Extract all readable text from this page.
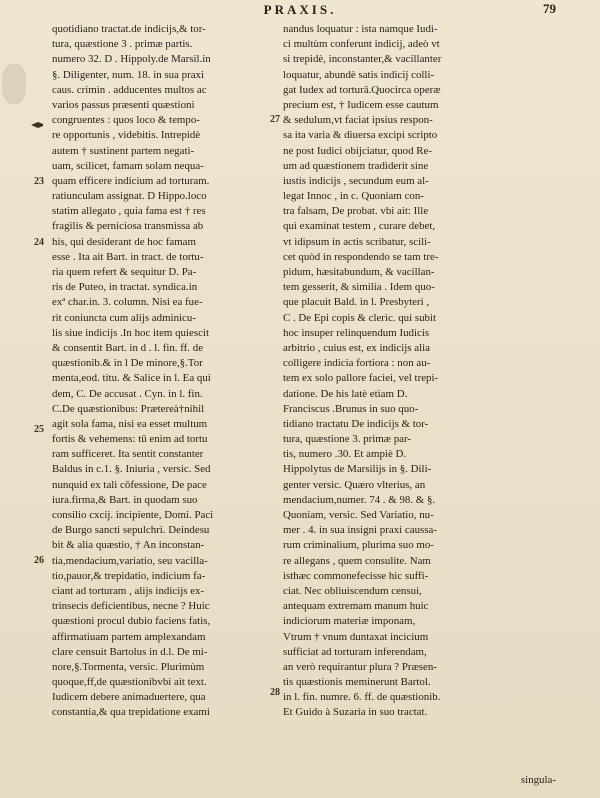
PRAXIS.	79
23
24
25
26
27
28
quotidiano tractat.de indicijs,& tor-
tura, quæstione 3 . primæ partis.
numero 32. D . Hippoly.de Marsil.in
§. Diligenter, num. 18. in sua praxi
caus. crimin . adducentes multos ac
varios passus præsenti quæstioni
congruentes : quos loco & tempo-
re opportunis , videbitis. Intrepidè
autem † sustinent partem negati-
uam, scilicet, famam solam nequa-
quam efficere indicium ad torturam.
ratiunculam assignat. D Hippo.loco
statim allegato , quia fama est † res
fragilis & perniciosa transmissa ab
his, qui desiderant de hoc famam
esse . Ita ait Bart. in tract. de tortu-
ria quem refert & sequitur D. Pa-
ris de Puteo, in tractat. syndica.in
exª char.in. 3. column. Nisi ea fue-
rit coniuncta cum alijs adminicu-
lis siue indicijs .In hoc item quiescit
& consentit Bart. in d . l. fin. ff. de
quæstionib.& in l De minore,§.Tor
menta,eod. titu. & Salice in l. Ea qui
dem, C. De accusat . Cyn. in l. fin.
C.De quæstionibus: Prætereà†nihil
agit sola fama, nisi ea esset multum
fortis & vehemens: tū enim ad tortu
ram sufficeret. Ita sentit constanter
Baldus in c.1. §. Iniuria , versic. Sed
nunquid ex tali cōfessione, De pace
iura.firma,& Bart. in quodam suo
consilio cxcij. incipiente, Domi. Paci
de Burgo sancti sepulchri. Deindesu
bit & alia quæstio, † An inconstan-
tia,mendacium,variatio, seu vacilla-
tio,pauor,& trepidatio, indicium fa-
ciant ad torturam , alijs indicijs ex-
trinsecis deficientibus, necne ? Huic
quæstioni procul dubio faciens fatis,
affirmatiuam partem amplexandam
clare censuit Bartolus in d.l. De mi-
nore,§.Tormenta, versic. Plurimùm
quoque,ff,de quæstionibvbi ait text.
Iudicem debere animaduertere, qua
constantia,& qua trepidatione exami
nandus loquatur : ista namque Iudi-
ci multùm conferunt indicij, adeò vt
si trepidè, inconstanter,& vacillanter
loquatur, abundè satis indicij colli-
gat Iudex ad torturā.Quocirca operæ
precium est, † Iudicem esse cautum
& sedulum,vt faciat ipsius respon-
sa ita varia & diuersa excipi scripto
ne post Iudici obijciatur, quod Re-
um ad quæstionem tradiderit sine
iustis indicijs , secundum eum al-
legat Innoc , in c. Quoniam con-
tra falsam, De probat. vbi ait: Ille
qui examinat testem , curare debet,
vt idipsum in actis scribatur, scili-
cet quòd in respondendo se tam tre-
pidum, hæsitabundum, & vacillan-
tem gesserit, & similia . Idem quo-
que placuit Bald. in l. Presbyteri ,
C . De Epi copis & cleric. qui subit
hoc insuper relinquendum Iudicis
arbitrio , cuius est, ex indicijs alia
colligere indicia fortiora : non au-
tem ex solo pallore faciei, vel trepi-
datione. De his latè etiam D.
Franciscus .Brunus in suo quo-
tidiano tractatu De indicijs & tor-
tura, quæstione 3. primæ par-
tis, numero .30. Et ampiè D.
Hippolytus de Marsilijs in §. Dili-
genter versic. Quæro vlterius, an
mendacium,numer. 74 . & 98. & §.
Quoniam, versic. Sed Variatio, nu-
mer . 4. in sua insigni praxi caussa-
rum criminalium, plurima suo mo-
re allegans , quem consulite. Nam
isthæc commonefecisse hic suffi-
ciat. Nec obliuiscendum censui,
antequam extremam manum huic
indiciorum materiæ imponam,
Vtrum † vnum duntaxat incicium
sufficiat ad torturam inferendam,
an verò requirantur plura ? Præsen-
tis quæstionis meminerunt Bartol.
in l. fin. numre. 6. ff. de quæstionib.
Et Guido à Suzaria in suo tractat.
singula-
